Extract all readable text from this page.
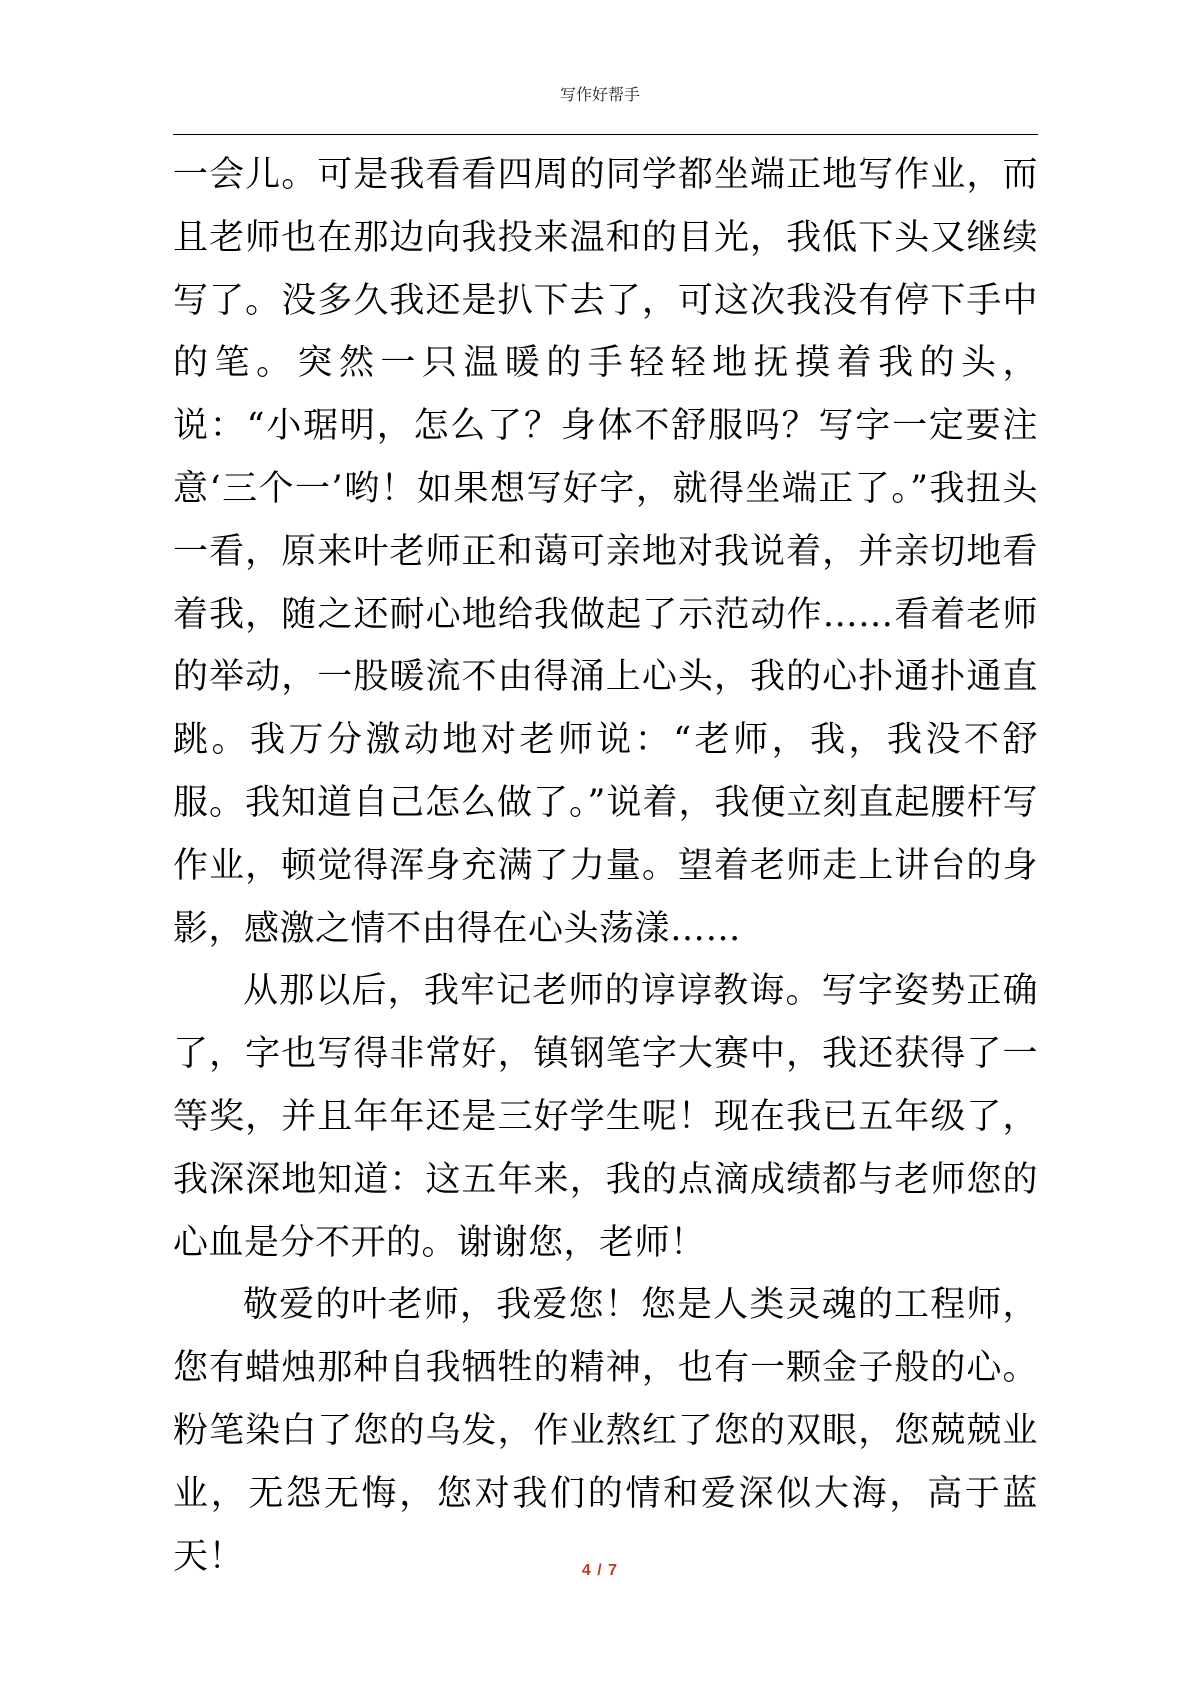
写作好帮手

一会儿。可是我看看四周的同学都坐端正地写作业，而且老师也在那边向我投来温和的目光，我低下头又继续写了。没多久我还是扒下去了，可这次我没有停下手中的笔。突然一只温暖的手轻轻地抚摸着我的头，说：“小琚明，怎么了？身体不舒服吗？写字一定要注意‘三个一’哟！如果想写好字，就得坐端正了。”我扭头一看，原来叶老师正和蔼可亲地对我说着，并亲切地看着我，随之还耐心地给我做起了示范动作……看着老师的举动，一股暖流不由得涌上心头，我的心扑通扑通直跳。我万分激动地对老师说：“老师，我，我没不舒服。我知道自己怎么做了。”说着，我便立刻直起腰杆写作业，顿觉得浑身充满了力量。望着老师走上讲台的身影，感激之情不由得在心头荡漾……

从那以后，我牢记老师的谆谆教诲。写字姿势正确了，字也写得非常好，镇钢笔字大赛中，我还获得了一等奖，并且年年还是三好学生呢！现在我已五年级了，我深深地知道：这五年来，我的点滴成绩都与老师您的心血是分不开的。谢谢您，老师！

敬爱的叶老师，我爱您！您是人类灵魂的工程师，您有蜡烛那种自我牺牲的精神，也有一颗金子般的心。粉笔染白了您的乌发，作业熬红了您的双眼，您兢兢业业，无怨无悔，您对我们的情和爱深似大海，高于蓝天！	4 / 7
